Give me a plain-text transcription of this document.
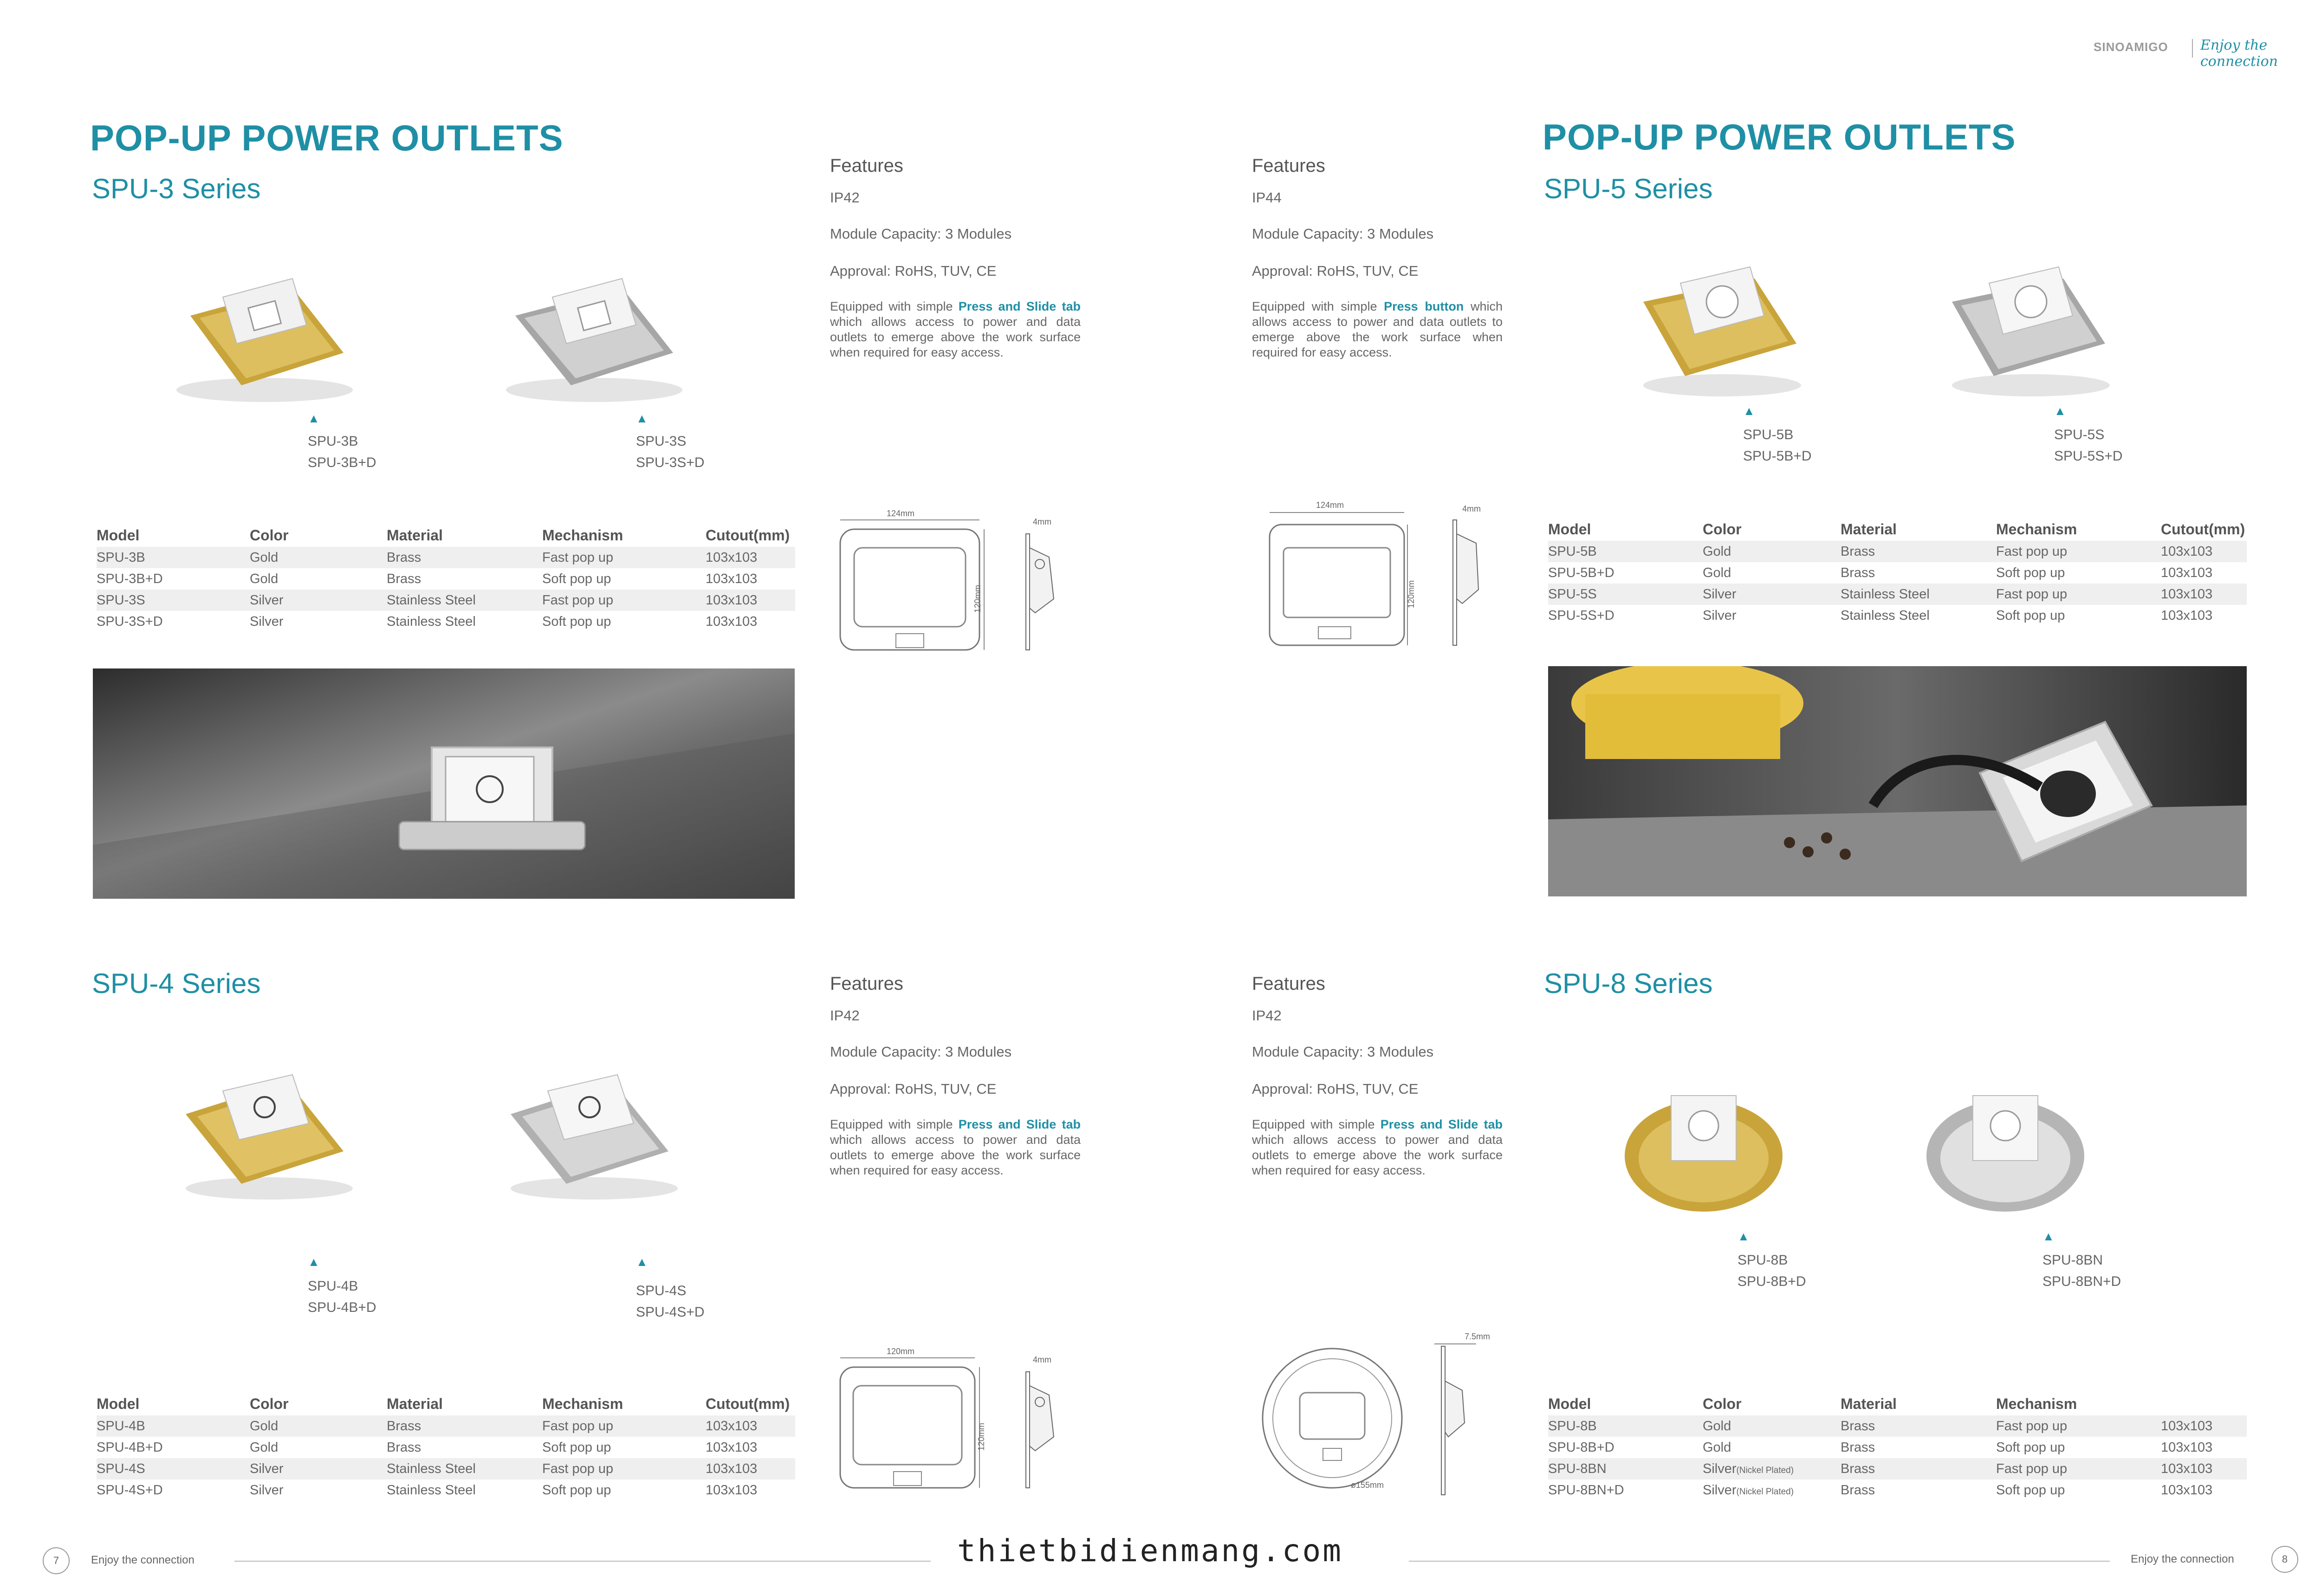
SINOAMIGO Enjoy the connection
POP-UP POWER OUTLETS	POP-UP POWER OUTLETS
SPU-3 Series
▲
SPU-3B
SPU-3B+D
▲
SPU-3S
SPU-3S+D
Features
IP42
Module Capacity: 3 Modules
Approval: RoHS, TUV, CE
Equipped with simple Press and Slide tab which allows access to power and data outlets to emerge above the work surface when required for easy access.
124mm
120mm
4mm
Model	Color	Material	Mechanism	Cutout(mm)
SPU-3B	Gold	Brass	Fast pop up	103x103
SPU-3B+D	Gold	Brass	Soft pop up	103x103
SPU-3S	Silver	Stainless Steel	Fast pop up	103x103
SPU-3S+D	Silver	Stainless Steel	Soft pop up	103x103
SPU-5 Series
Features
IP44
Module Capacity: 3 Modules
Approval: RoHS, TUV, CE
Equipped with simple Press button which allows access to power and data outlets to emerge above the work surface when required for easy access.
124mm
120mm
4mm
▲
SPU-5B
SPU-5B+D
▲
SPU-5S
SPU-5S+D
Model	Color	Material	Mechanism	Cutout(mm)
SPU-5B	Gold	Brass	Fast pop up	103x103
SPU-5B+D	Gold	Brass	Soft pop up	103x103
SPU-5S	Silver	Stainless Steel	Fast pop up	103x103
SPU-5S+D	Silver	Stainless Steel	Soft pop up	103x103
SPU-4 Series
▲
SPU-4B
SPU-4B+D
▲
SPU-4S
SPU-4S+D
Features
IP42
Module Capacity: 3 Modules
Approval: RoHS, TUV, CE
Equipped with simple Press and Slide tab which allows access to power and data outlets to emerge above the work surface when required for easy access.
120mm
120mm
4mm
Model	Color	Material	Mechanism	Cutout(mm)
SPU-4B	Gold	Brass	Fast pop up	103x103
SPU-4B+D	Gold	Brass	Soft pop up	103x103
SPU-4S	Silver	Stainless Steel	Fast pop up	103x103
SPU-4S+D	Silver	Stainless Steel	Soft pop up	103x103
SPU-8 Series
Features
IP42
Module Capacity: 3 Modules
Approval: RoHS, TUV, CE
Equipped with simple Press and Slide tab which allows access to power and data outlets to emerge above the work surface when required for easy access.
ø155mm
7.5mm
▲
SPU-8B
SPU-8B+D
▲
SPU-8BN
SPU-8BN+D
Model	Color	Material	Mechanism	
SPU-8B	Gold	Brass	Fast pop up	103x103
SPU-8B+D	Gold	Brass	Soft pop up	103x103
SPU-8BN	Silver(Nickel Plated)	Brass	Fast pop up	103x103
SPU-8BN+D	Silver(Nickel Plated)	Brass	Soft pop up	103x103
7	Enjoy the connection	thietbidienmang.com	Enjoy the connection	8
